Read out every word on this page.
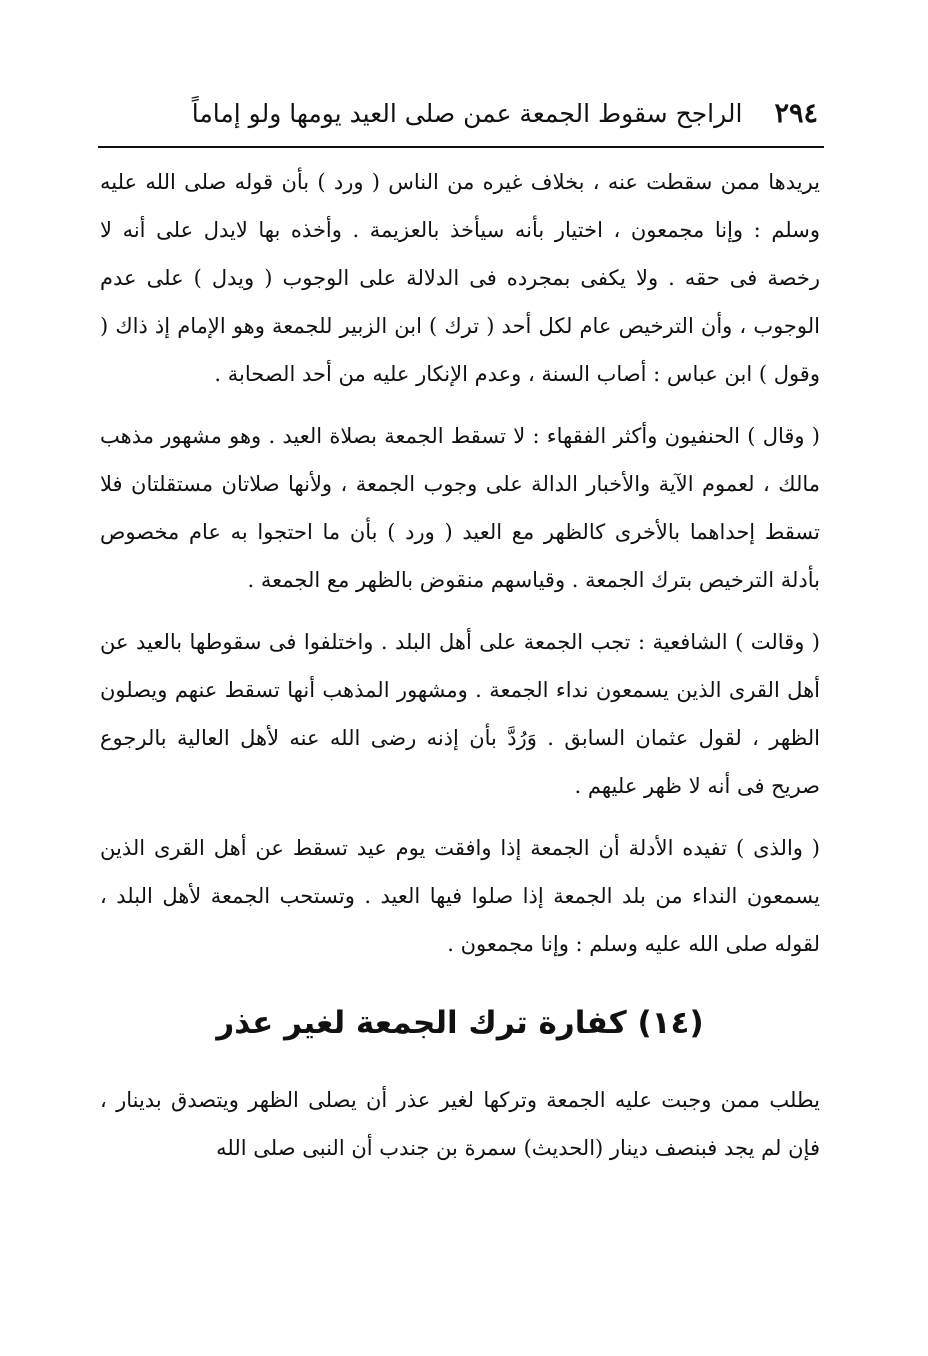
٢٩٤
الراجح سقوط الجمعة عمن صلى العيد يومها ولو إماماً

يريدها ممن سقطت عنه ، بخلاف غيره من الناس ( ورد ) بأن قوله صلى الله عليه وسلم : وإنا مجمعون ، اختيار بأنه سيأخذ بالعزيمة . وأخذه بها لايدل على أنه لا رخصة فى حقه . ولا يكفى بمجرده فى الدلالة على الوجوب ( ويدل ) على عدم الوجوب ، وأن الترخيص عام لكل أحد ( ترك ) ابن الزبير للجمعة وهو الإمام إذ ذاك ( وقول ) ابن عباس : أصاب السنة ، وعدم الإنكار عليه من أحد الصحابة .

( وقال ) الحنفيون وأكثر الفقهاء : لا تسقط الجمعة بصلاة العيد . وهو مشهور مذهب مالك ، لعموم الآية والأخبار الدالة على وجوب الجمعة ، ولأنها صلاتان مستقلتان فلا تسقط إحداهما بالأخرى كالظهر مع العيد ( ورد ) بأن ما احتجوا به عام مخصوص بأدلة الترخيص بترك الجمعة . وقياسهم منقوض بالظهر مع الجمعة .

( وقالت ) الشافعية : تجب الجمعة على أهل البلد . واختلفوا فى سقوطها بالعيد عن أهل القرى الذين يسمعون نداء الجمعة . ومشهور المذهب أنها تسقط عنهم ويصلون الظهر ، لقول عثمان السابق . وَرُدَّ بأن إذنه رضى الله عنه لأهل العالية بالرجوع صريح فى أنه لا ظهر عليهم .

( والذى ) تفيده الأدلة أن الجمعة إذا وافقت يوم عيد تسقط عن أهل القرى الذين يسمعون النداء من بلد الجمعة إذا صلوا فيها العيد . وتستحب الجمعة لأهل البلد ، لقوله صلى الله عليه وسلم : وإنا مجمعون .

(١٤) كفارة ترك الجمعة لغير عذر

يطلب ممن وجبت عليه الجمعة وتركها لغير عذر أن يصلى الظهر ويتصدق بدينار ، فإن لم يجد فبنصف دينار (الحديث) سمرة بن جندب أن النبى صلى الله
